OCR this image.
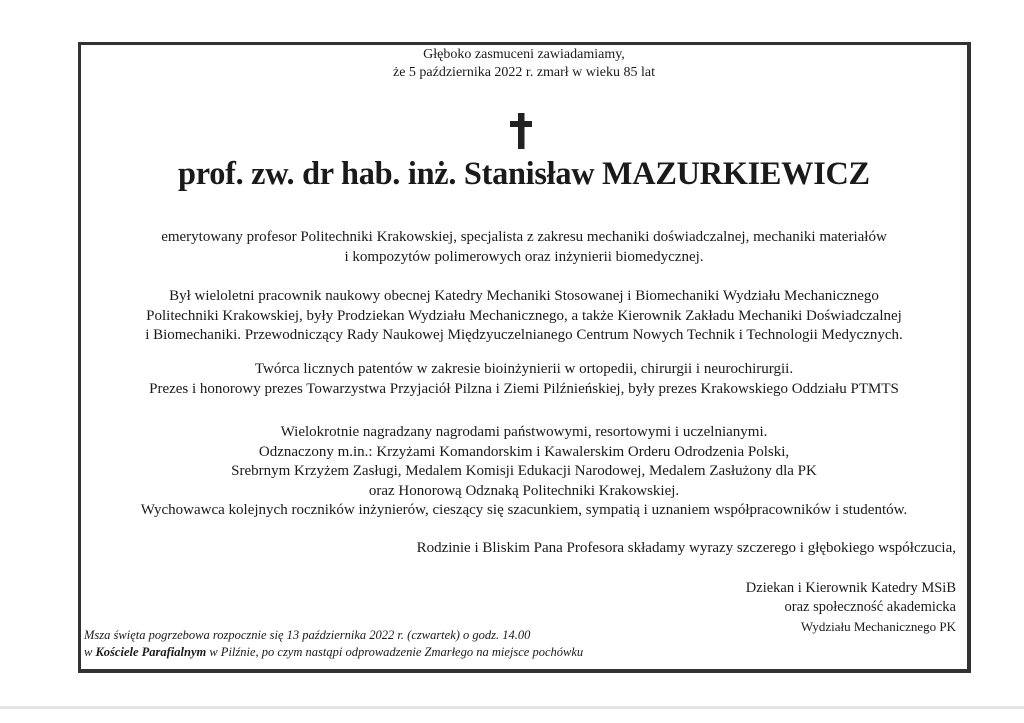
Głęboko zasmuceni zawiadamiamy,
że 5 października 2022 r. zmarł w wieku 85 lat
prof. zw. dr hab. inż. Stanisław MAZURKIEWICZ
emerytowany profesor Politechniki Krakowskiej, specjalista z zakresu mechaniki doświadczalnej, mechaniki materiałów
i kompozytów polimerowych oraz inżynierii biomedycznej.
Był wieloletni pracownik naukowy obecnej Katedry Mechaniki Stosowanej i Biomechaniki Wydziału Mechanicznego
Politechniki Krakowskiej, były Prodziekan Wydziału Mechanicznego, a także Kierownik Zakładu Mechaniki Doświadczalnej
i Biomechaniki. Przewodniczący Rady Naukowej Międzyuczelnianego Centrum Nowych Technik i Technologii Medycznych.
Twórca licznych patentów w zakresie bioinżynierii w ortopedii, chirurgii i neurochirurgii.
Prezes i honorowy prezes Towarzystwa Przyjaciół Pilzna i Ziemi Pilźnieńskiej, były prezes Krakowskiego Oddziału PTMTS
Wielokrotnie nagradzany nagrodami państwowymi, resortowymi i uczelnianymi.
Odznaczony m.in.: Krzyżami Komandorskim i Kawalerskim Orderu Odrodzenia Polski,
Srebrnym Krzyżem Zasługi, Medalem Komisji Edukacji Narodowej, Medalem Zasłużony dla PK
oraz Honorową Odznaką Politechniki Krakowskiej.
Wychowawca kolejnych roczników inżynierów, cieszący się szacunkiem, sympatią i uznaniem współpracowników i studentów.
Rodzinie i Bliskim Pana Profesora składamy wyrazy szczerego i głębokiego współczucia,
Dziekan i Kierownik Katedry MSiB
oraz społeczność akademicka
Wydziału Mechanicznego PK
Msza święta pogrzebowa rozpocznie się 13 października 2022 r. (czwartek) o godz. 14.00
w Kościele Parafialnym w Pilźnie, po czym nastąpi odprowadzenie Zmarłego na miejsce pochówku
